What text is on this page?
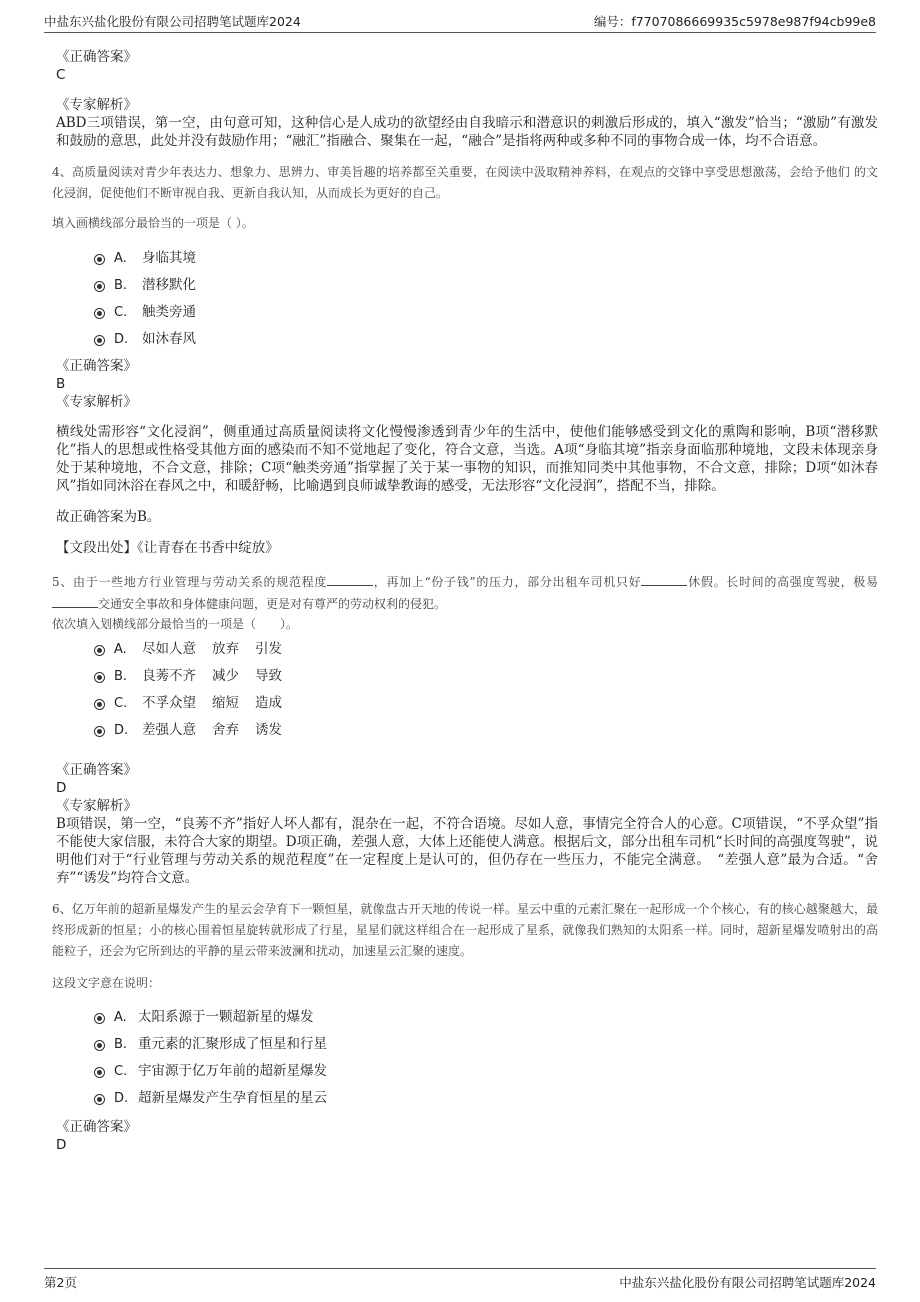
中盐东兴盐化股份有限公司招聘笔试题库2024	编号：f7707086669935c5978e987f94cb99e8

《正确答案》

C

《专家解析》

ABD三项错误，第一空，由句意可知，这种信心是人成功的欲望经由自我暗示和潜意识的刺激后形成的，填入“激发”恰当；“激励”有激发和鼓励的意思，此处并没有鼓励作用；“融汇”指融合、聚集在一起，“融合”是指将两种或多种不同的事物合成一体，均不合语意。

4、高质量阅读对青少年表达力、想象力、思辨力、审美旨趣的培养都至关重要，在阅读中汲取精神养料，在观点的交锋中享受思想激荡，会给予他们 的文化浸润，促使他们不断审视自我、更新自我认知，从而成长为更好的自己。

填入画横线部分最恰当的一项是（ ）。

A. 身临其境
B. 潜移默化
C. 触类旁通
D. 如沐春风

《正确答案》

B

《专家解析》

横线处需形容“文化浸润”，侧重通过高质量阅读将文化慢慢渗透到青少年的生活中，使他们能够感受到文化的熏陶和影响，B项“潜移默化”指人的思想或性格受其他方面的感染而不知不觉地起了变化，符合文意，当选。A项“身临其境”指亲身面临那种境地，文段未体现亲身处于某种境地，不合文意，排除；C项“触类旁通”指掌握了关于某一事物的知识，而推知同类中其他事物，不合文意，排除；D项“如沐春风”指如同沐浴在春风之中，和暖舒畅，比喻遇到良师诚挚教诲的感受，无法形容“文化浸润”，搭配不当，排除。

故正确答案为B。

【文段出处】《让青春在书香中绽放》

5、由于一些地方行业管理与劳动关系的规范程度	，再加上“份子钱”的压力，部分出租车司机只好	休假。长时间的高强度驾驶，极易交通安全事故和身体健康问题，更是对有尊严的劳动权利的侵犯。

依次填入划横线部分最恰当的一项是（　　）。

A. 尽如人意 放弃 引发
B. 良莠不齐 减少 导致
C. 不孚众望 缩短 造成
D. 差强人意 舍弃 诱发

《正确答案》

D

《专家解析》

B项错误，第一空，“良莠不齐”指好人坏人都有，混杂在一起，不符合语境。尽如人意，事情完全符合人的心意。C项错误，“不孚众望”指不能使大家信服，未符合大家的期望。D项正确，差强人意，大体上还能使人满意。根据后文，部分出租车司机“长时间的高强度驾驶”，说明他们对于“行业管理与劳动关系的规范程度”在一定程度上是认可的，但仍存在一些压力，不能完全满意。　“差强人意”最为合适。“舍弃”“诱发”均符合文意。

6、亿万年前的超新星爆发产生的星云会孕育下一颗恒星，就像盘古开天地的传说一样。星云中重的元素汇聚在一起形成一个个核心，有的核心越聚越大，最终形成新的恒星；小的核心围着恒星旋转就形成了行星，星星们就这样组合在一起形成了星系，就像我们熟知的太阳系一样。同时，超新星爆发喷射出的高能粒子，还会为它所到达的平静的星云带来波澜和扰动，加速星云汇聚的速度。

这段文字意在说明：

A. 太阳系源于一颗超新星的爆发
B. 重元素的汇聚形成了恒星和行星
C. 宇宙源于亿万年前的超新星爆发
D. 超新星爆发产生孕育恒星的星云

《正确答案》

D

第2页	中盐东兴盐化股份有限公司招聘笔试题库2024
